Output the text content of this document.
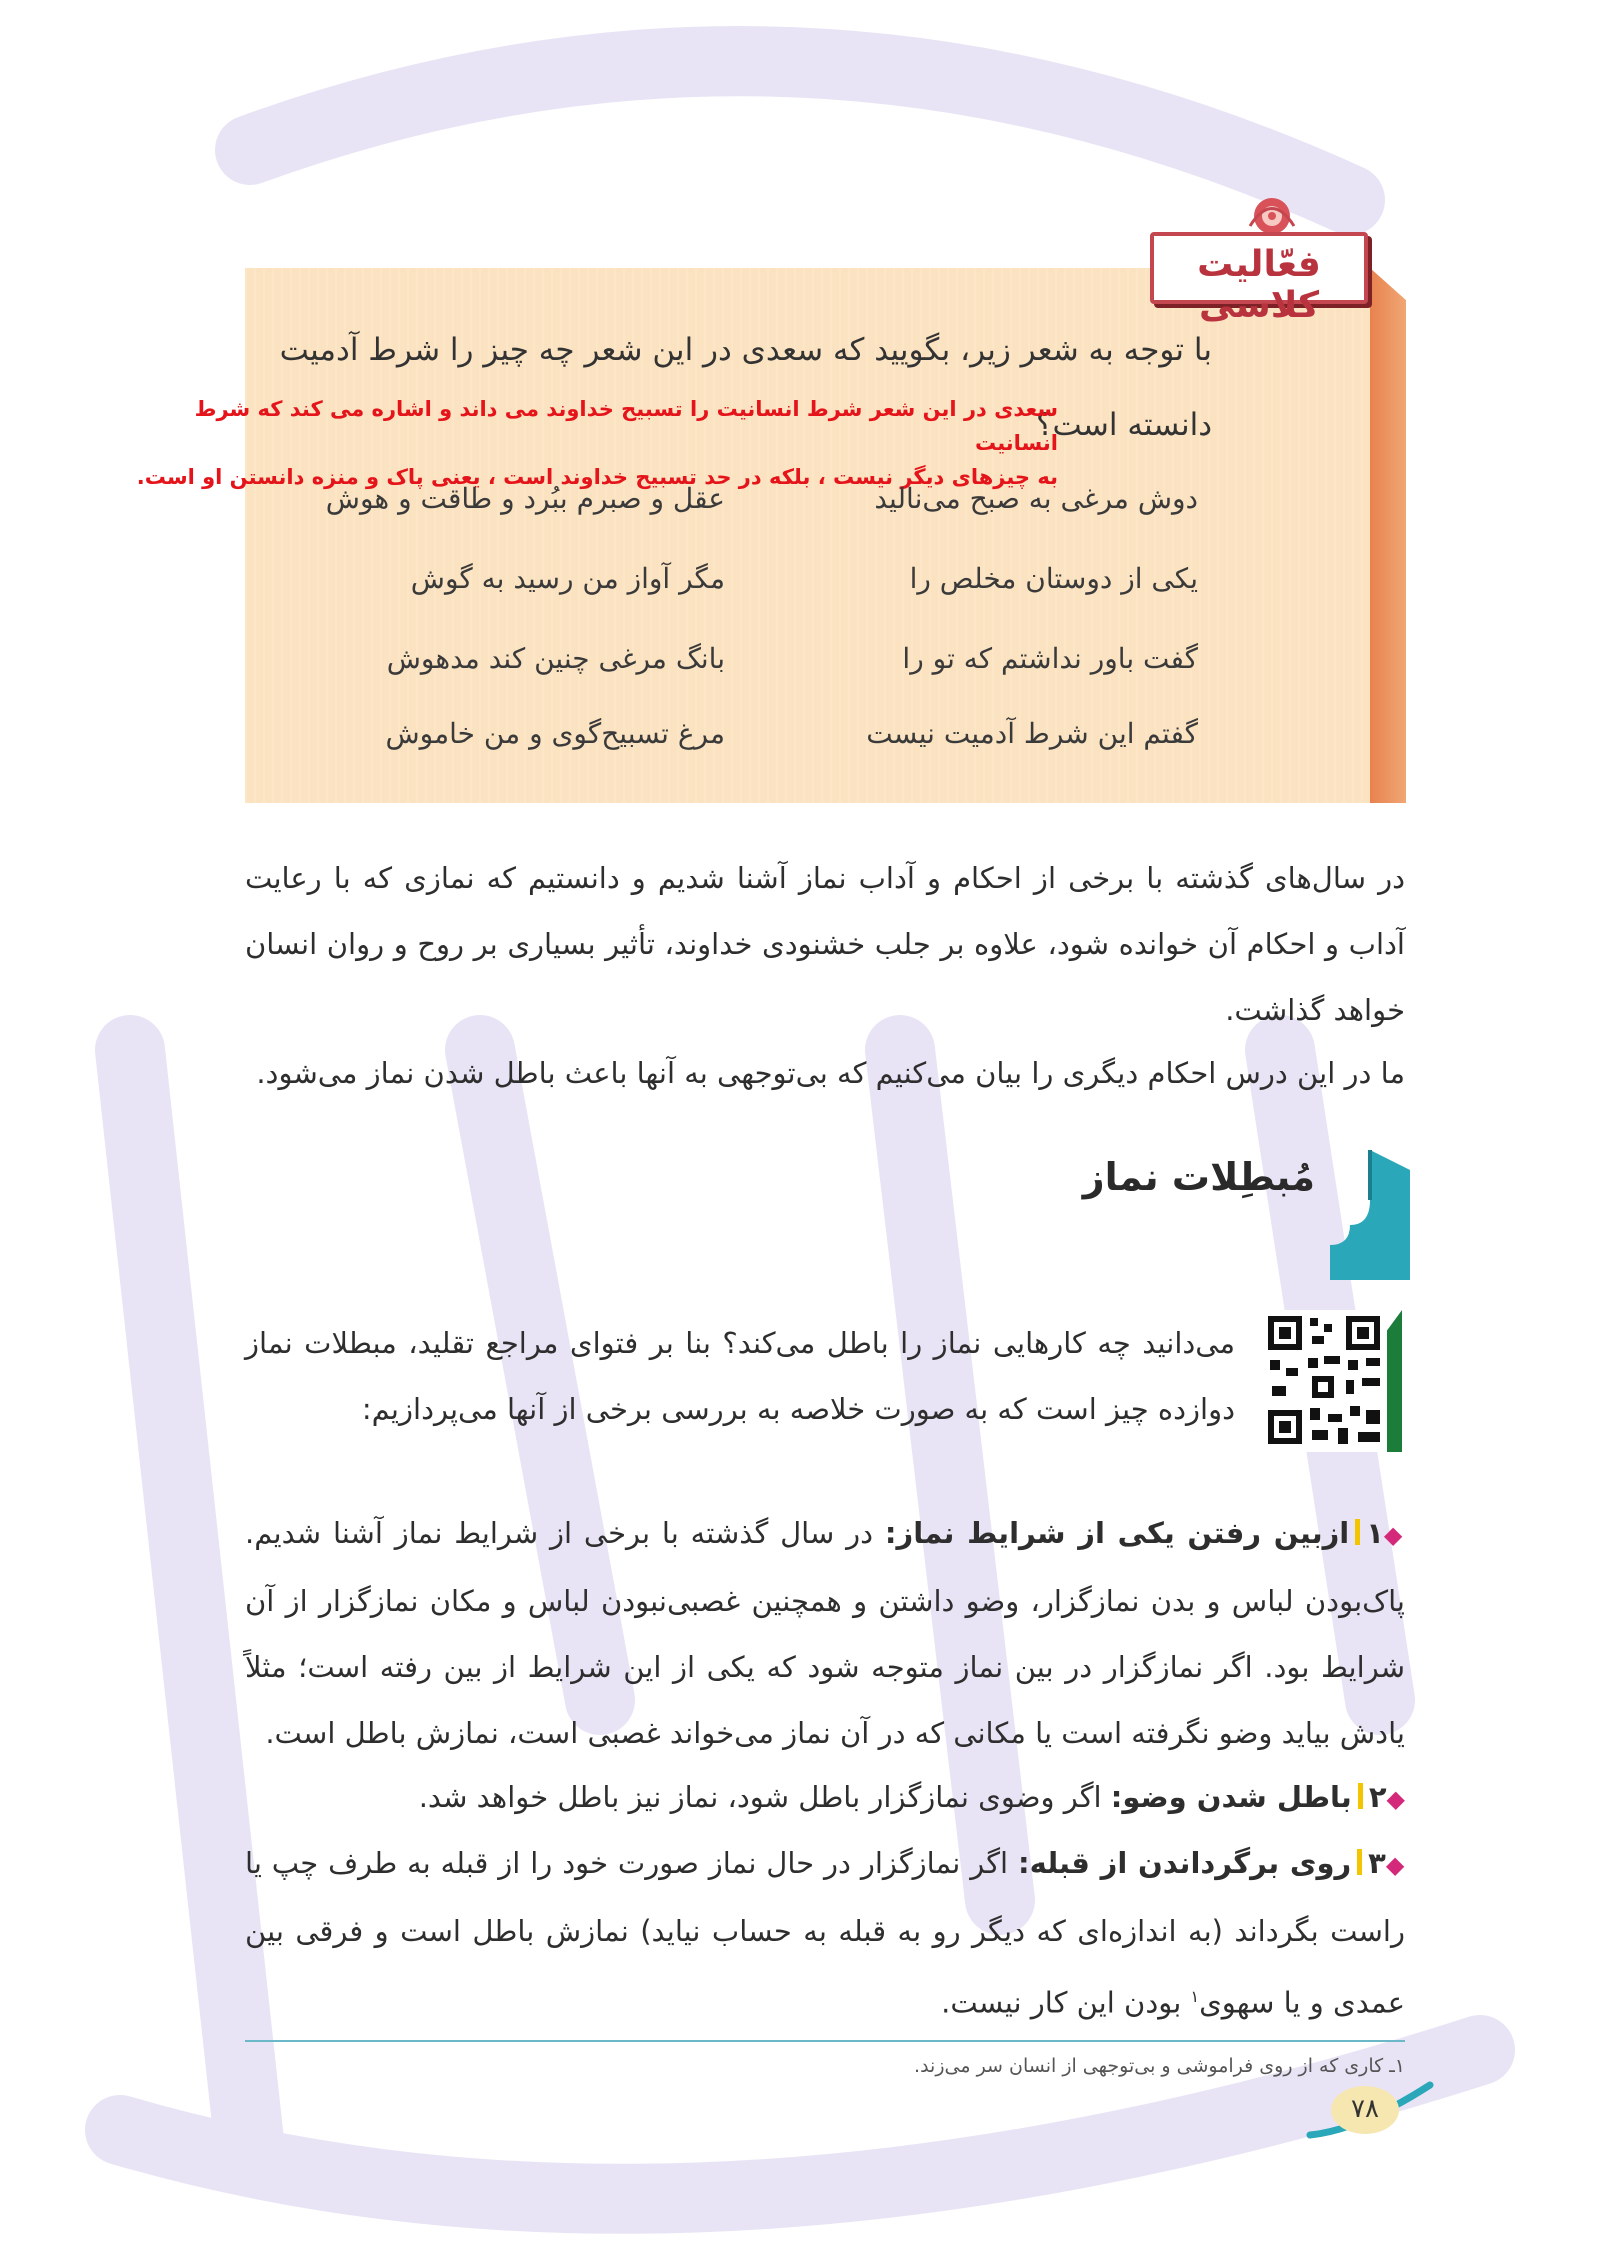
فعّالیت کلاسی
با توجه به شعر زیر، بگویید که سعدی در این شعر چه چیز را شرط آدمیت
دانسته است؟
سعدی در این شعر شرط انسانیت را تسبیح خداوند می داند و اشاره می کند که شرط انسانیت
به چیزهای دیگر نیست ، بلکه در حد تسبیح خداوند است ، یعنی پاک و منزه دانستن او است.
دوش مرغی به صبح می‌نالید
عقل و صبرم ببُرد و طاقت و هوش
یکی از دوستان مخلص را
مگر آواز من رسید به گوش
گفت باور نداشتم که تو را
بانگ مرغی چنین کند مدهوش
گفتم این شرط آدمیت نیست
مرغ تسبیح‌گوی و من خاموش
در سال‌های گذشته با برخی از احکام و آداب نماز آشنا شدیم و دانستیم که نمازی که با رعایت آداب و احکام آن خوانده شود، علاوه بر جلب خشنودی خداوند، تأثیر بسیاری بر روح و روان انسان خواهد گذاشت.
ما در این درس احکام دیگری را بیان می‌کنیم که بی‌توجهی به آنها باعث باطل شدن نماز می‌شود.
مُبطِلات نماز
می‌دانید چه کارهایی نماز را باطل می‌کند؟ بنا بر فتوای مراجع تقلید، مبطلات نماز دوازده چیز است که به صورت خلاصه به بررسی برخی از آنها می‌پردازیم:
◆۱ازبین رفتن یکی از شرایط نماز: در سال گذشته با برخی از شرایط نماز آشنا شدیم. پاک‌بودن لباس و بدن نمازگزار، وضو داشتن و همچنین غصبی‌نبودن لباس و مکان نمازگزار از آن شرایط بود. اگر نمازگزار در بین نماز متوجه شود که یکی از این شرایط از بین رفته است؛ مثلاً یادش بیاید وضو نگرفته است یا مکانی که در آن نماز می‌خواند غصبی است، نمازش باطل است.
◆۲باطل شدن وضو: اگر وضوی نمازگزار باطل شود، نماز نیز باطل خواهد شد.
◆۳روی برگرداندن از قبله: اگر نمازگزار در حال نماز صورت خود را از قبله به طرف چپ یا راست بگرداند (به اندازه‌ای که دیگر رو به قبله به حساب نیاید) نمازش باطل است و فرقی بین عمدی و یا سهوی$^۱$ بودن این کار نیست.
۱ـ کاری که از روی فراموشی و بی‌توجهی از انسان سر می‌زند.
۷۸
